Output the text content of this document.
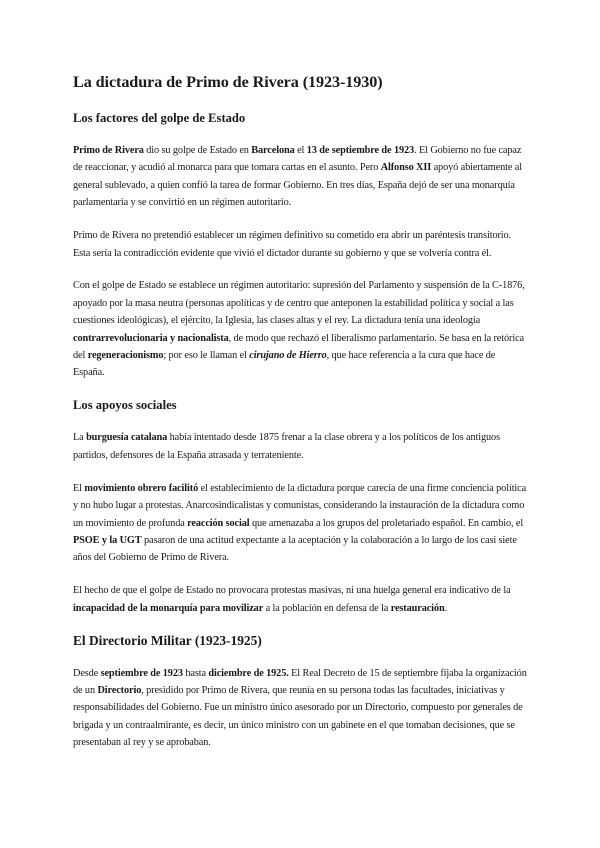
La dictadura de Primo de Rivera (1923-1930)
Los factores del golpe de Estado

Primo de Rivera dio su golpe de Estado en Barcelona el 13 de septiembre de 1923. El Gobierno no fue capaz de reaccionar, y acudió al monarca para que tomara cartas en el asunto. Pero Alfonso XII apoyó abiertamente al general sublevado, a quien confió la tarea de formar Gobierno. En tres días, España dejó de ser una monarquía parlamentaria y se convirtió en un régimen autoritario.

Primo de Rivera no pretendió establecer un régimen definitivo su cometido era abrir un paréntesis transitorio. Esta sería la contradicción evidente que vivió el dictador durante su gobierno y que se volvería contra él.

Con el golpe de Estado se establece un régimen autoritario: supresión del Parlamento y suspensión de la C-1876, apoyado por la masa neutra (personas apolíticas y de centro que anteponen la estabilidad política y social a las cuestiones ideológicas), el ejército, la Iglesia, las clases altas y el rey. La dictadura tenía una ideología contrarrevolucionaria y nacionalista, de modo que rechazó el liberalismo parlamentario. Se basa en la retórica del regeneracionismo; por eso le llaman el cirujano de Hierro, que hace referencia a la cura que hace de España.

Los apoyos sociales

La burguesía catalana había intentado desde 1875 frenar a la clase obrera y a los políticos de los antiguos partidos, defensores de la España atrasada y terrateniente.

El movimiento obrero facilitó el establecimiento de la dictadura porque carecía de una firme conciencia política y no hubo lugar a protestas. Anarcosindicalistas y comunistas, considerando la instauración de la dictadura como un movimiento de profunda reacción social que amenazaba a los grupos del proletariado español. En cambio, el PSOE y la UGT pasaron de una actitud expectante a la aceptación y la colaboración a lo largo de los casi siete años del Gobierno de Primo de Rivera.

El hecho de que el golpe de Estado no provocara protestas masivas, ni una huelga general era indicativo de la incapacidad de la monarquía para movilizar a la población en defensa de la restauración.

El Directorio Militar (1923-1925)

Desde septiembre de 1923 hasta diciembre de 1925. El Real Decreto de 15 de septiembre fijaba la organización de un Directorio, presidido por Primo de Rivera, que reunía en su persona todas las facultades, iniciativas y responsabilidades del Gobierno. Fue un ministro único asesorado por un Directorio, compuesto por generales de brigada y un contraalmirante, es decir, un único ministro con un gabinete en el que tomaban decisiones, que se presentaban al rey y se aprobaban.
